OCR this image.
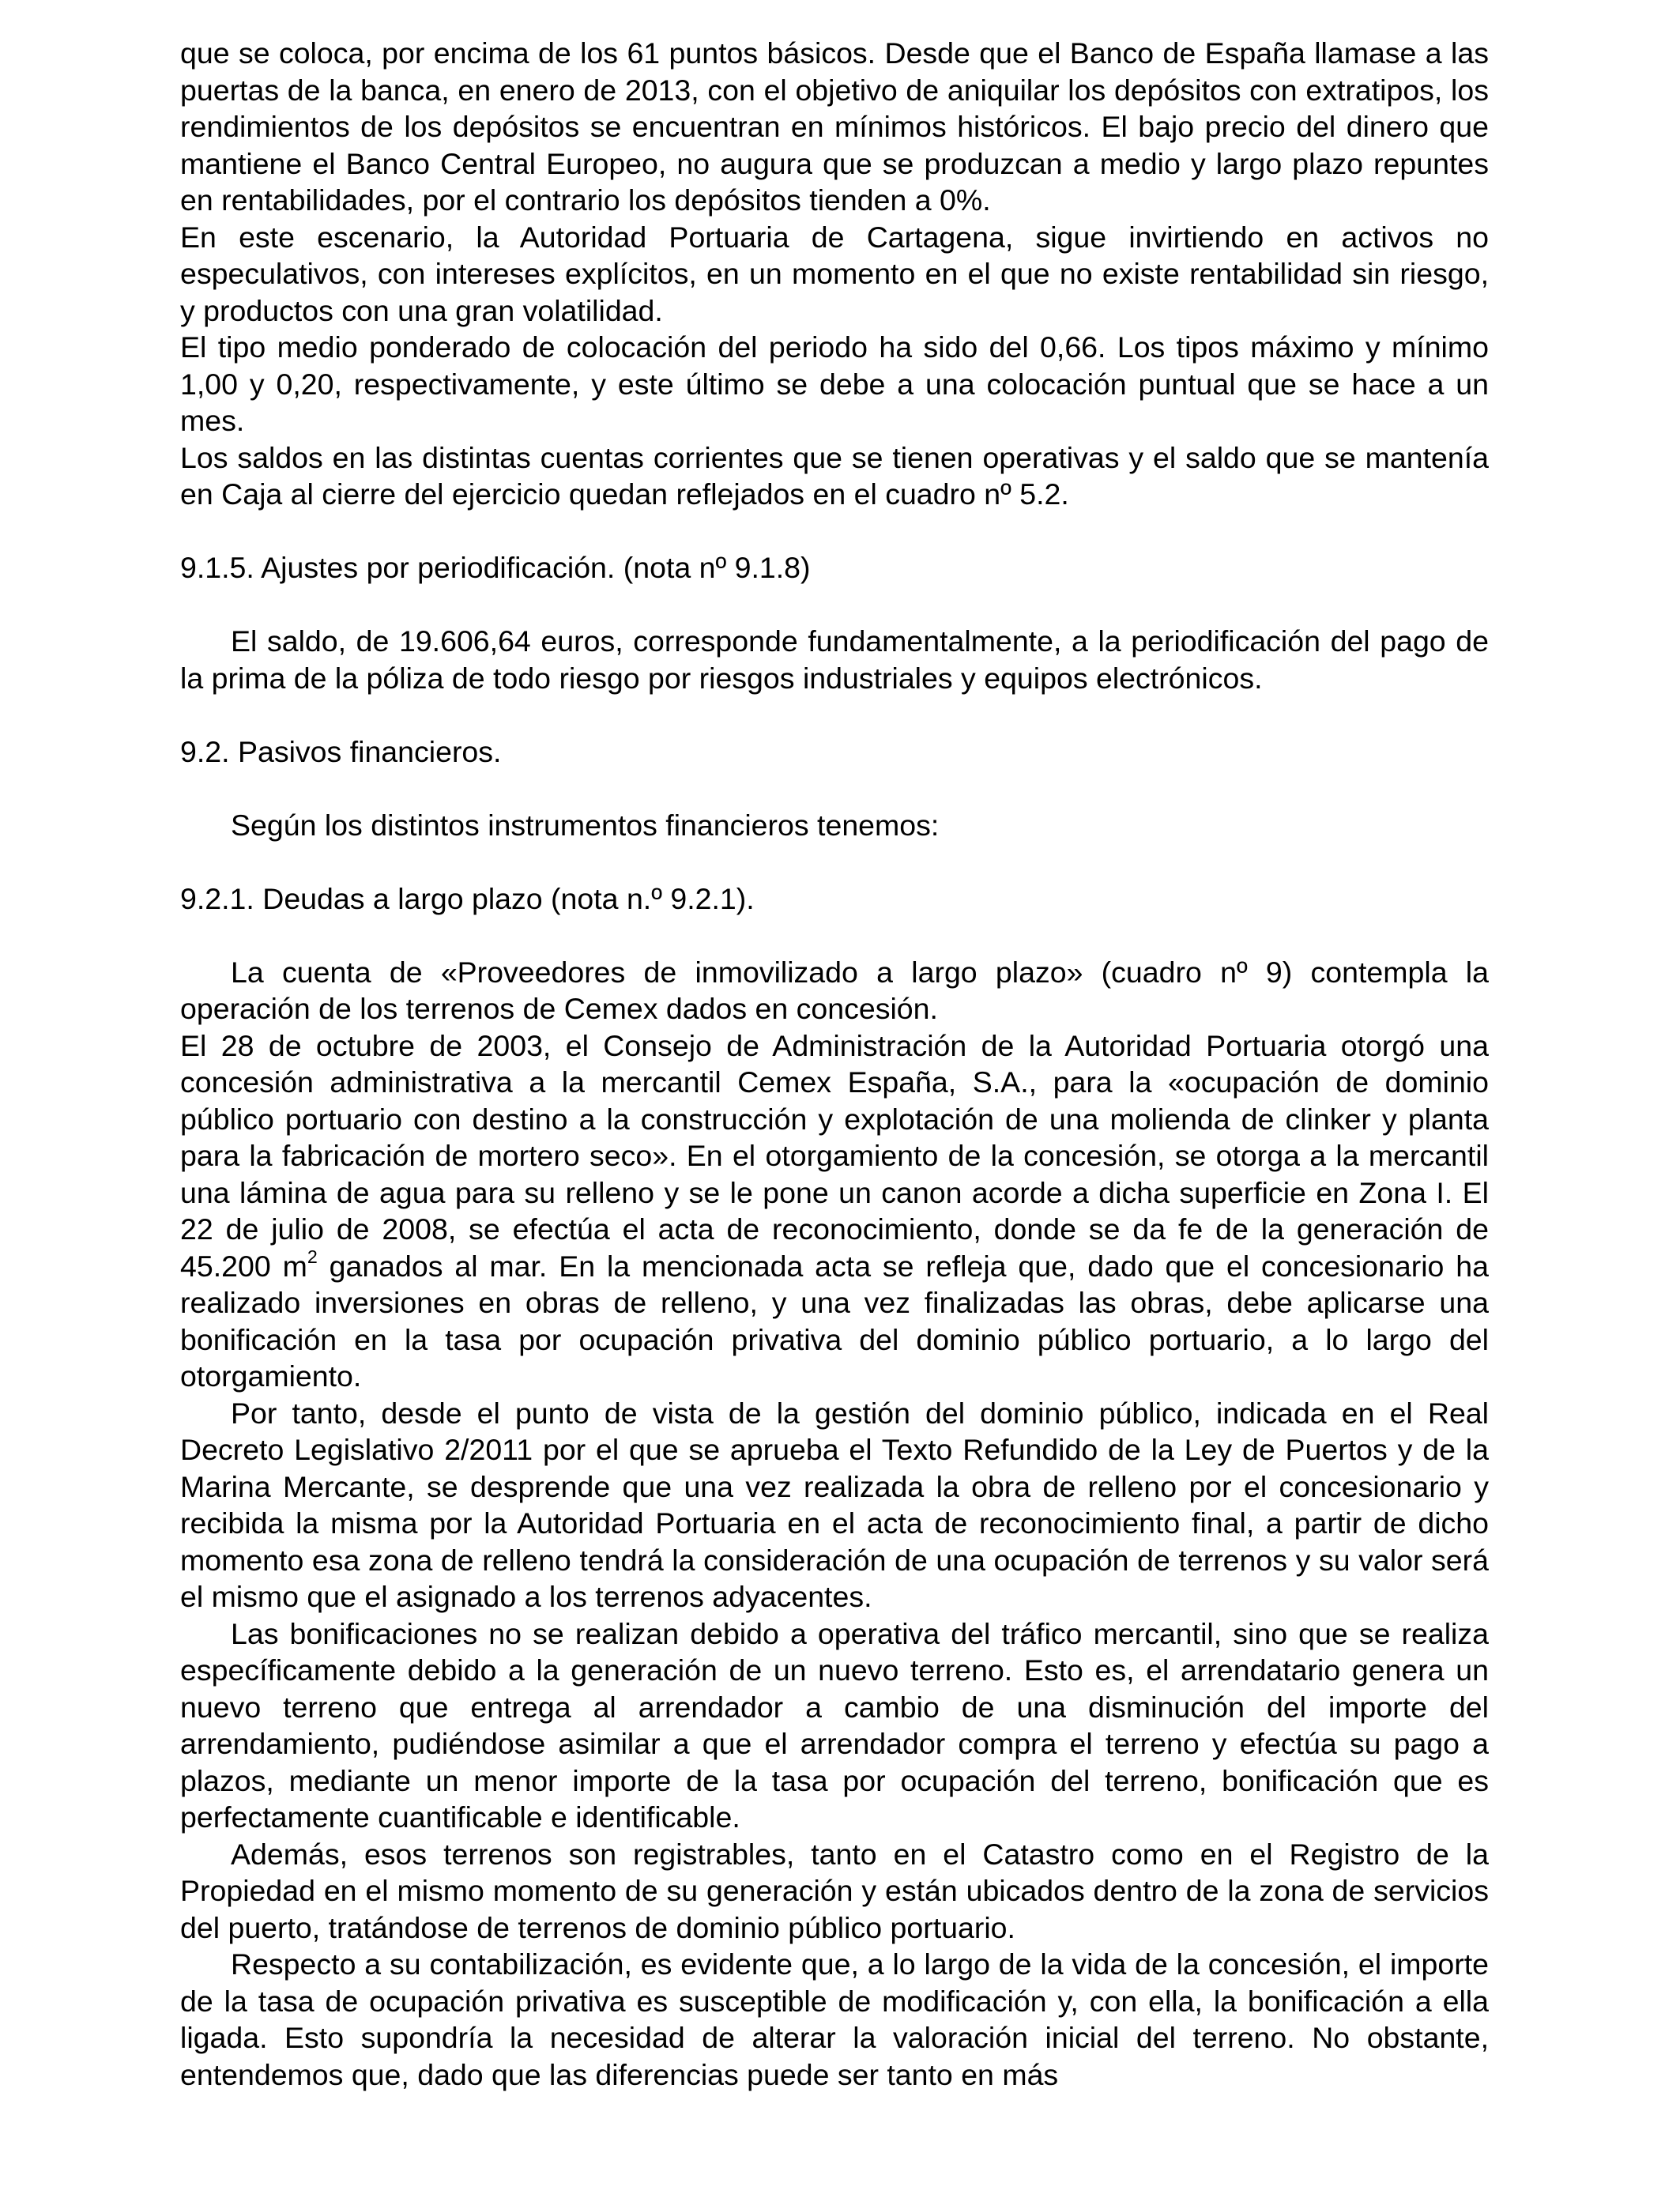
que se coloca, por encima de los 61 puntos básicos. Desde que el Banco de España llamase a las puertas de la banca, en enero de 2013, con el objetivo de aniquilar los depósitos con extratipos, los rendimientos de los depósitos se encuentran en mínimos históricos. El bajo precio del dinero que mantiene el Banco Central Europeo, no augura que se produzcan a medio y largo plazo repuntes en rentabilidades, por el contrario los depósitos tienden a 0%.

En este escenario, la Autoridad Portuaria de Cartagena, sigue invirtiendo en activos no especulativos, con intereses explícitos, en un momento en el que no existe rentabilidad sin riesgo, y productos con una gran volatilidad.

El tipo medio ponderado de colocación del periodo ha sido del 0,66. Los tipos máximo y mínimo 1,00 y 0,20, respectivamente, y este último se debe a una colocación puntual que se hace a un mes.

Los saldos en las distintas cuentas corrientes que se tienen operativas y el saldo que se mantenía en Caja al cierre del ejercicio quedan reflejados en el cuadro nº 5.2.

9.1.5. Ajustes por periodificación. (nota nº 9.1.8)

El saldo, de 19.606,64 euros, corresponde fundamentalmente, a la periodificación del pago de la prima de la póliza de todo riesgo por riesgos industriales y equipos electrónicos.

9.2. Pasivos financieros.

Según los distintos instrumentos financieros tenemos:

9.2.1. Deudas a largo plazo (nota n.º 9.2.1).

La cuenta de «Proveedores de inmovilizado a largo plazo» (cuadro nº 9) contempla la operación de los terrenos de Cemex dados en concesión.

El 28 de octubre de 2003, el Consejo de Administración de la Autoridad Portuaria otorgó una concesión administrativa a la mercantil Cemex España, S.A., para la «ocupación de dominio público portuario con destino a la construcción y explotación de una molienda de clinker y planta para la fabricación de mortero seco». En el otorgamiento de la concesión, se otorga a la mercantil una lámina de agua para su relleno y se le pone un canon acorde a dicha superficie en Zona I. El 22 de julio de 2008, se efectúa el acta de reconocimiento, donde se da fe de la generación de 45.200 $m^2$ ganados al mar. En la mencionada acta se refleja que, dado que el concesionario ha realizado inversiones en obras de relleno, y una vez finalizadas las obras, debe aplicarse una bonificación en la tasa por ocupación privativa del dominio público portuario, a lo largo del otorgamiento.

Por tanto, desde el punto de vista de la gestión del dominio público, indicada en el Real Decreto Legislativo 2/2011 por el que se aprueba el Texto Refundido de la Ley de Puertos y de la Marina Mercante, se desprende que una vez realizada la obra de relleno por el concesionario y recibida la misma por la Autoridad Portuaria en el acta de reconocimiento final, a partir de dicho momento esa zona de relleno tendrá la consideración de una ocupación de terrenos y su valor será el mismo que el asignado a los terrenos adyacentes.

Las bonificaciones no se realizan debido a operativa del tráfico mercantil, sino que se realiza específicamente debido a la generación de un nuevo terreno. Esto es, el arrendatario genera un nuevo terreno que entrega al arrendador a cambio de una disminución del importe del arrendamiento, pudiéndose asimilar a que el arrendador compra el terreno y efectúa su pago a plazos, mediante un menor importe de la tasa por ocupación del terreno, bonificación que es perfectamente cuantificable e identificable.

Además, esos terrenos son registrables, tanto en el Catastro como en el Registro de la Propiedad en el mismo momento de su generación y están ubicados dentro de la zona de servicios del puerto, tratándose de terrenos de dominio público portuario.

Respecto a su contabilización, es evidente que, a lo largo de la vida de la concesión, el importe de la tasa de ocupación privativa es susceptible de modificación y, con ella, la bonificación a ella ligada. Esto supondría la necesidad de alterar la valoración inicial del terreno. No obstante, entendemos que, dado que las diferencias puede ser tanto en más
